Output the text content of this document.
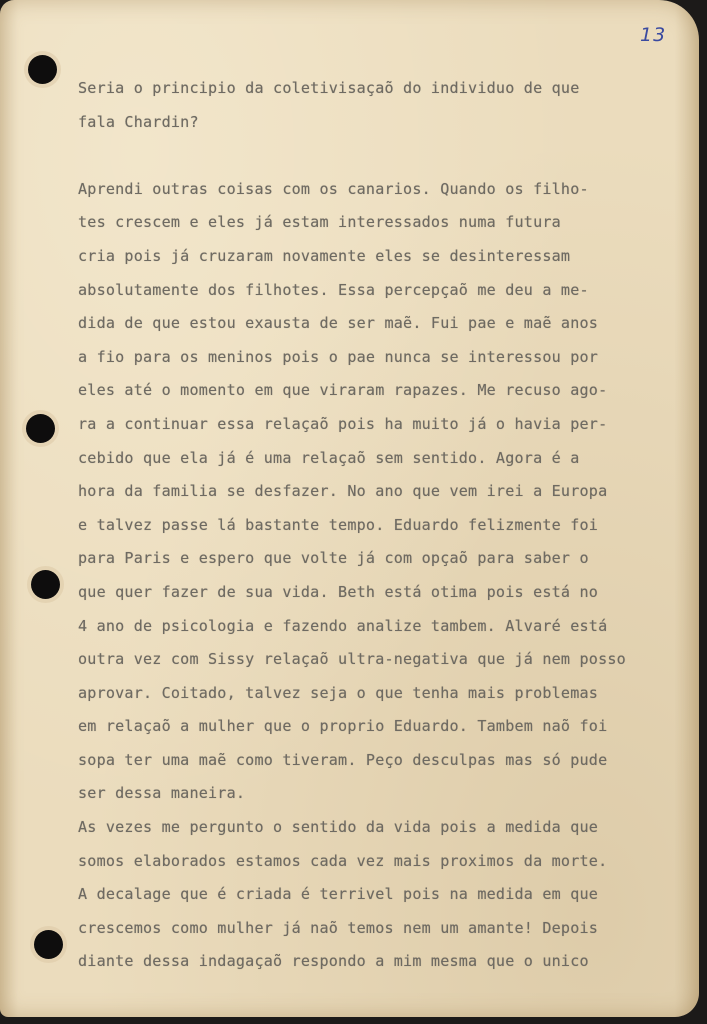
13
Seria o principio da coletivisaçaõ do individuo de que
fala Chardin?
Aprendi outras coisas com os canarios. Quando os filho-
tes crescem e eles já estam interessados numa futura
cria pois já cruzaram novamente eles se desinteressam
absolutamente dos filhotes. Essa percepçaõ me deu a me-
dida de que estou exausta de ser maẽ. Fui pae e maẽ anos
a fio para os meninos pois o pae nunca se interessou por
eles até o momento em que viraram rapazes. Me recuso ago-
ra a continuar essa relaçaõ pois ha muito já o havia per-
cebido que ela já é uma relaçaõ sem sentido. Agora é a
hora da familia se desfazer. No ano que vem irei a Europa
e talvez passe lá bastante tempo. Eduardo felizmente foi
para Paris e espero que volte já com opçaõ para saber o
que quer fazer de sua vida. Beth está otima pois está no
4 ano de psicologia e fazendo analize tambem. Alvaré está
outra vez com Sissy relaçaõ ultra-negativa que já nem posso
aprovar. Coitado, talvez seja o que tenha mais problemas
em relaçaõ a mulher que o proprio Eduardo. Tambem naõ foi
sopa ter uma maẽ como tiveram. Peço desculpas mas só pude
ser dessa maneira.
As vezes me pergunto o sentido da vida pois a medida que
somos elaborados estamos cada vez mais proximos da morte.
A decalage que é criada é terrivel pois na medida em que
crescemos como mulher já naõ temos nem um amante! Depois
diante dessa indagaçaõ respondo a mim mesma que o unico
